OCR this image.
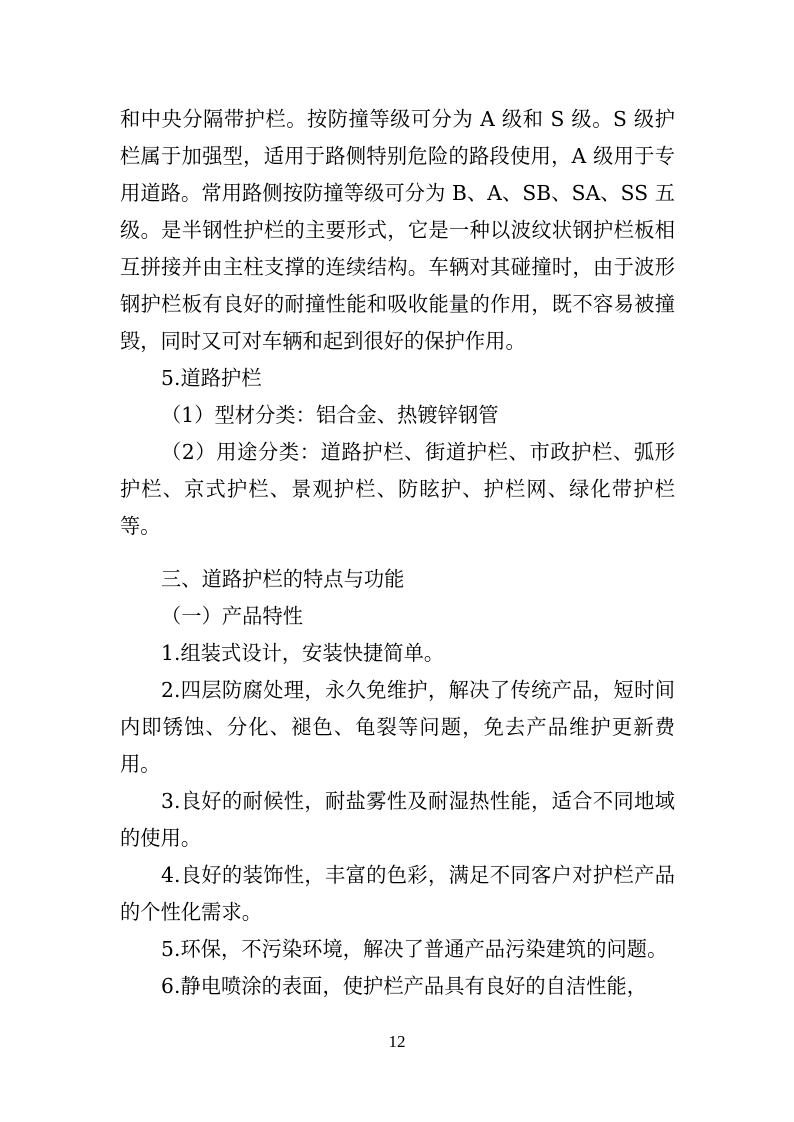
和中央分隔带护栏。按防撞等级可分为 A 级和 S 级。S 级护栏属于加强型，适用于路侧特别危险的路段使用，A 级用于专用道路。常用路侧按防撞等级可分为 B、A、SB、SA、SS 五级。是半钢性护栏的主要形式，它是一种以波纹状钢护栏板相互拼接并由主柱支撑的连续结构。车辆对其碰撞时，由于波形钢护栏板有良好的耐撞性能和吸收能量的作用，既不容易被撞毁，同时又可对车辆和起到很好的保护作用。

5.道路护栏

（1）型材分类：铝合金、热镀锌钢管

（2）用途分类：道路护栏、街道护栏、市政护栏、弧形护栏、京式护栏、景观护栏、防眩护、护栏网、绿化带护栏等。

三、道路护栏的特点与功能

（一）产品特性

1.组装式设计，安装快捷简单。

2.四层防腐处理，永久免维护，解决了传统产品，短时间内即锈蚀、分化、褪色、龟裂等问题，免去产品维护更新费用。

3.良好的耐候性，耐盐雾性及耐湿热性能，适合不同地域的使用。

4.良好的装饰性，丰富的色彩，满足不同客户对护栏产品的个性化需求。

5.环保，不污染环境，解决了普通产品污染建筑的问题。

6.静电喷涂的表面，使护栏产品具有良好的自洁性能，

12
